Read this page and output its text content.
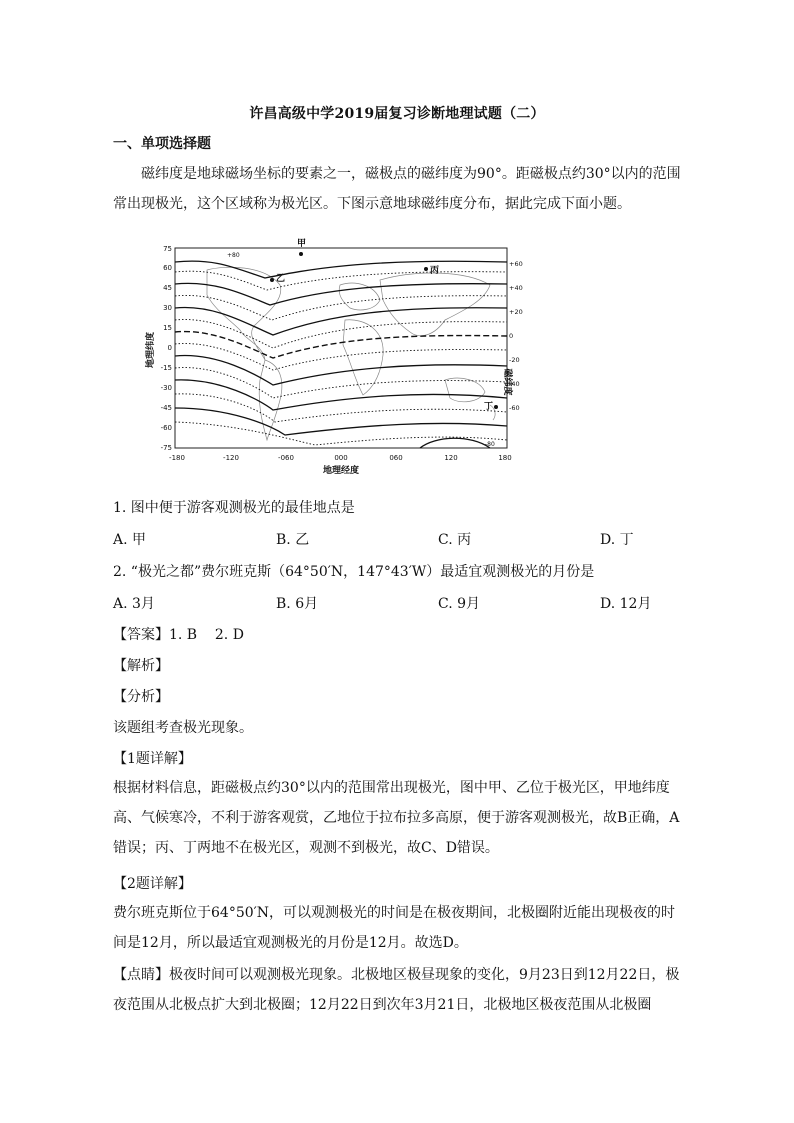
许昌高级中学2019届复习诊断地理试题（二）
一、单项选择题

磁纬度是地球磁场坐标的要素之一，磁极点的磁纬度为90°。距磁极点约30°以内的范围常出现极光，这个区域称为极光区。下图示意地球磁纬度分布，据此完成下面小题。

75
60
45
30
15
0
-15
-30
-45
-60
-75
-180	-120	-060	000	060	120	180
+60
+40
+20
0
-20
-40
-60
+80
-80
地理纬度
地理经度
磁纬度
甲
乙
丙
丁
1. 图中便于游客观测极光的最佳地点是
A. 甲	B. 乙	C. 丙	D. 丁
2. “极光之都”费尔班克斯（64°50′N，147°43′W）最适宜观测极光的月份是
A. 3月	B. 6月	C. 9月	D. 12月
【答案】1. B    2. D
【解析】
【分析】
该题组考查极光现象。
【1题详解】

根据材料信息，距磁极点约30°以内的范围常出现极光，图中甲、乙位于极光区，甲地纬度高、气候寒冷，不利于游客观赏，乙地位于拉布拉多高原，便于游客观测极光，故B正确，A错误；丙、丁两地不在极光区，观测不到极光，故C、D错误。

【2题详解】

费尔班克斯位于64°50′N，可以观测极光的时间是在极夜期间，北极圈附近能出现极夜的时间是12月，所以最适宜观测极光的月份是12月。故选D。

【点睛】极夜时间可以观测极光现象。北极地区极昼现象的变化，9月23日到12月22日，极夜范围从北极点扩大到北极圈；12月22日到次年3月21日，北极地区极夜范围从北极圈
